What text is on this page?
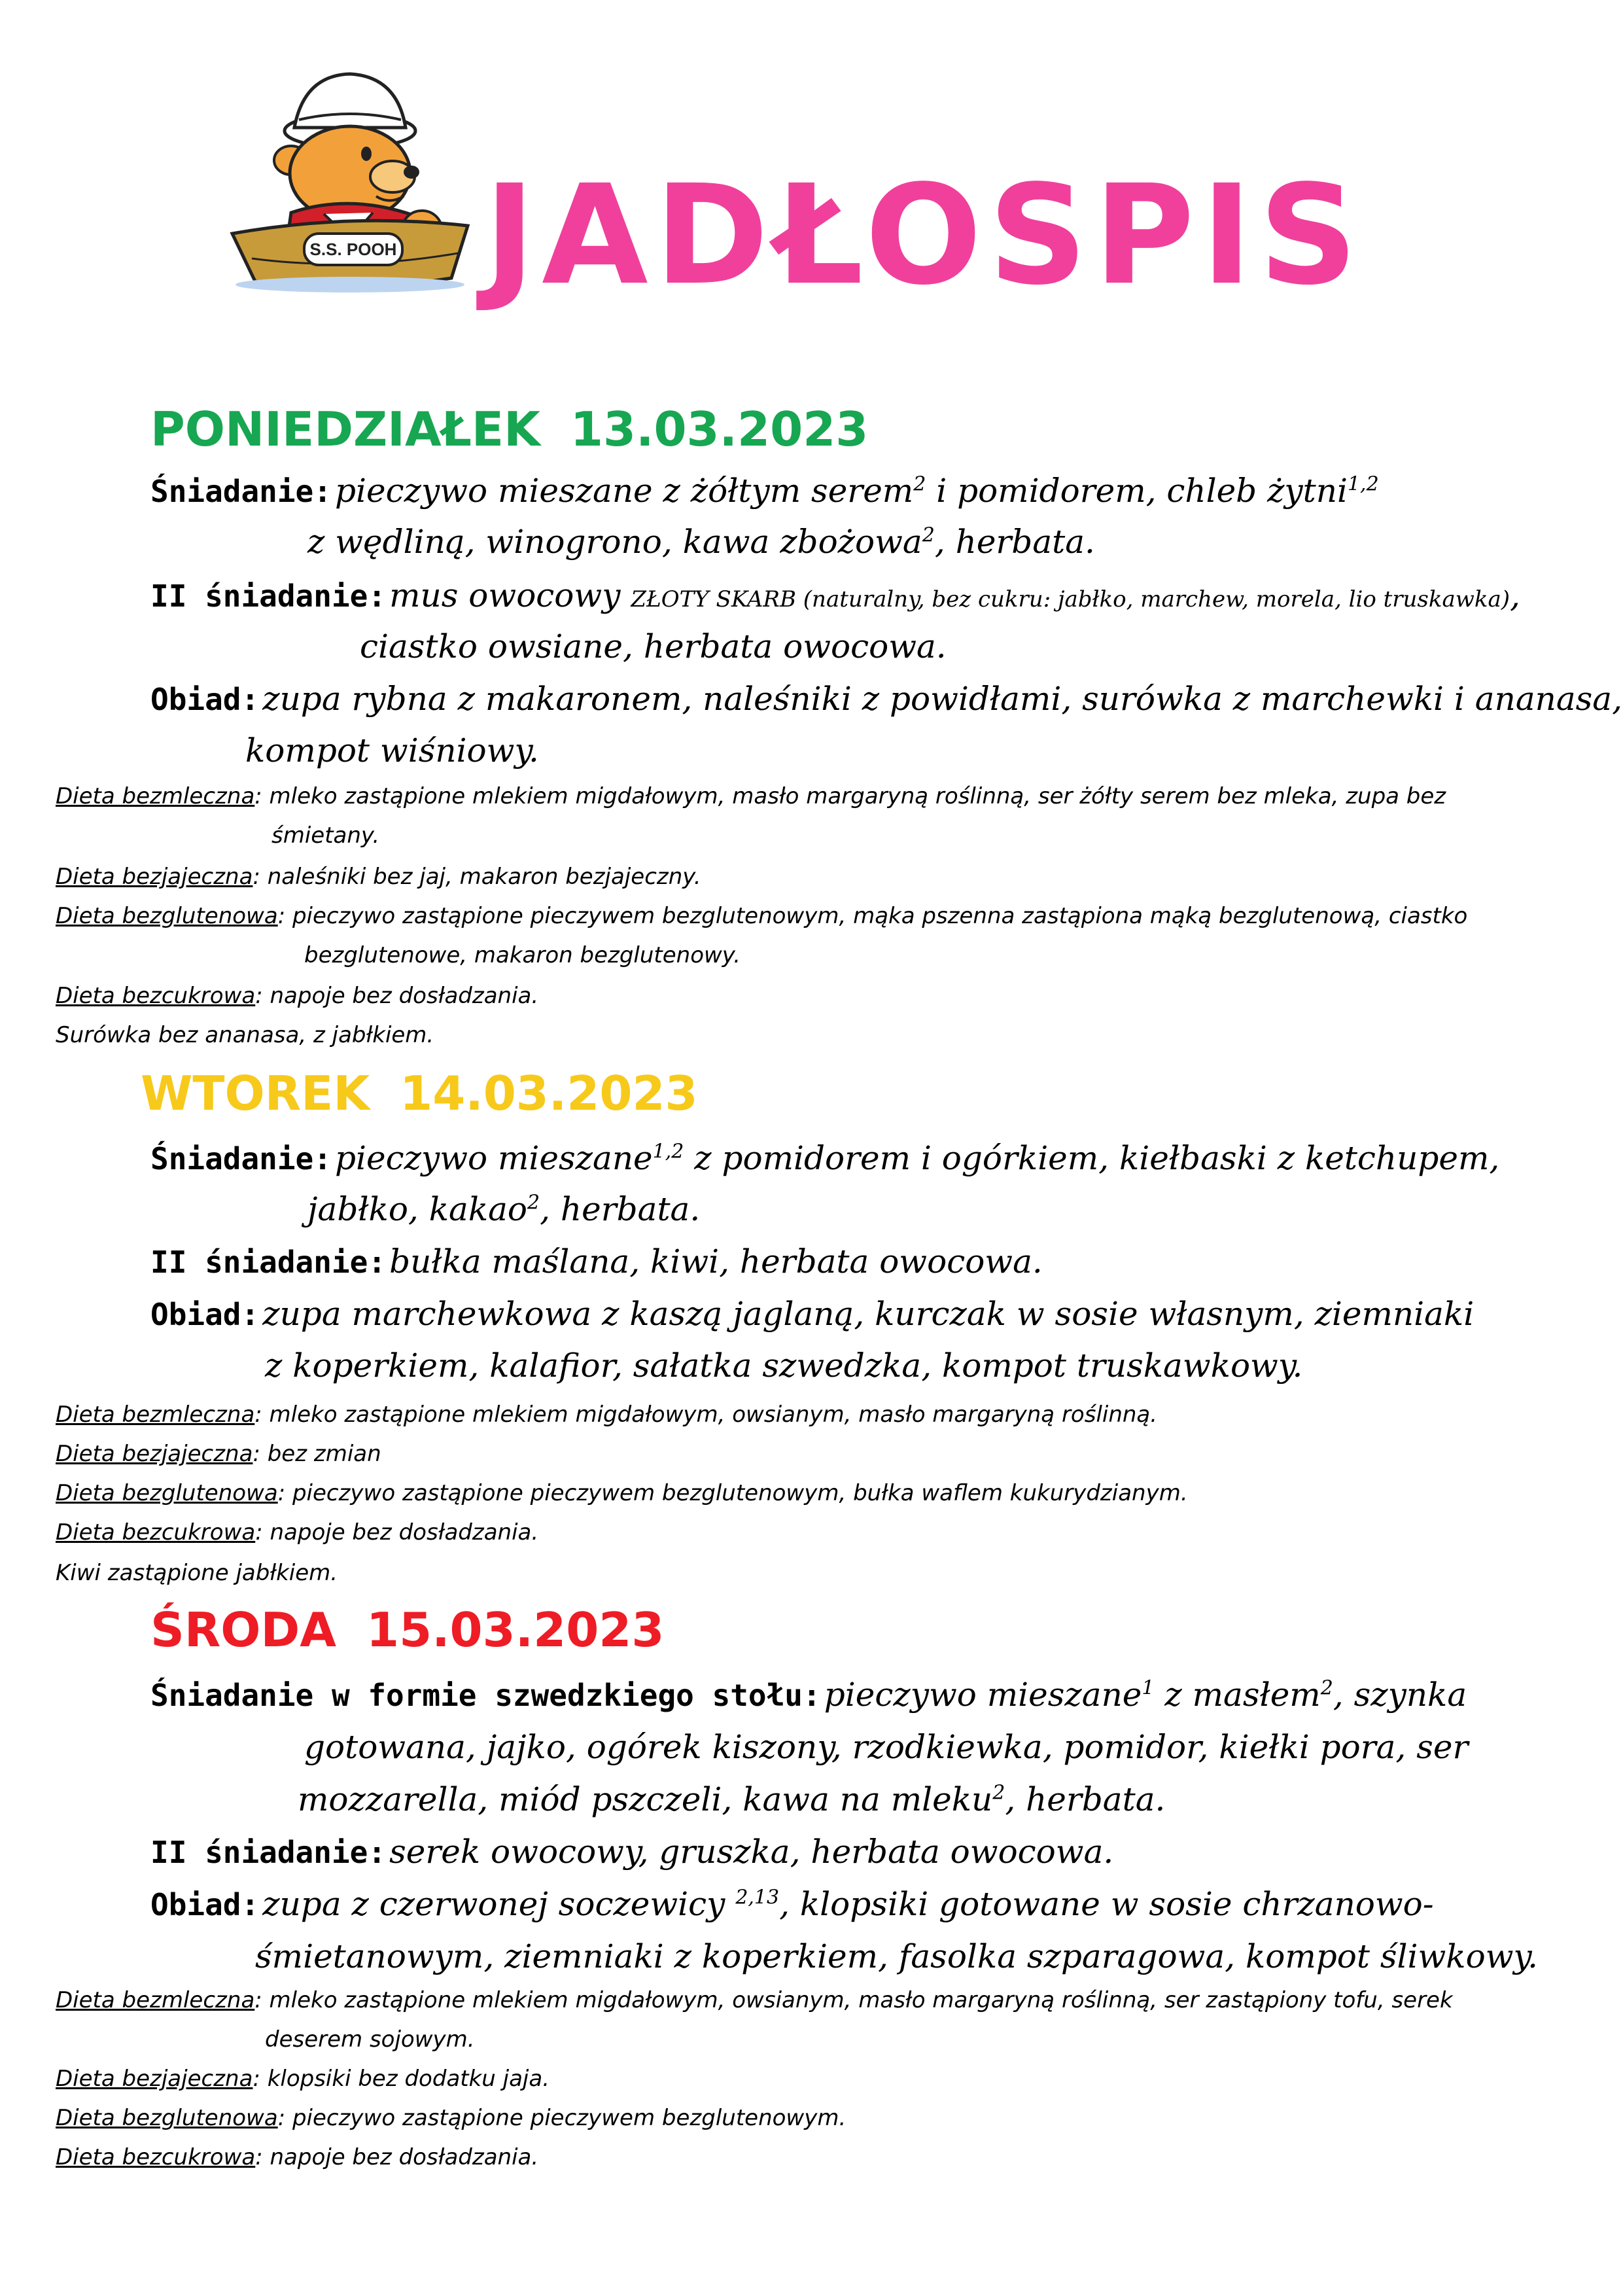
S.S. POOH JADŁOSPIS
PONIEDZIAŁEK 13.03.2023
Śniadanie: pieczywo mieszane z żółtym serem$^2$ i pomidorem, chleb żytni$^{1,2}$
z wędliną, winogrono, kawa zbożowa$^2$, herbata.
II śniadanie: mus owocowy ZŁOTY SKARB (naturalny, bez cukru: jabłko, marchew, morela, lio truskawka),
ciastko owsiane, herbata owocowa.
Obiad: zupa rybna z makaronem, naleśniki z powidłami, surówka z marchewki i ananasa,
kompot wiśniowy.
Dieta bezmleczna: mleko zastąpione mlekiem migdałowym, masło margaryną roślinną, ser żółty serem bez mleka, zupa bez
śmietany.
Dieta bezjajeczna: naleśniki bez jaj, makaron bezjajeczny.
Dieta bezglutenowa: pieczywo zastąpione pieczywem bezglutenowym, mąka pszenna zastąpiona mąką bezglutenową, ciastko
bezglutenowe, makaron bezglutenowy.
Dieta bezcukrowa: napoje bez dosładzania.
Surówka bez ananasa, z jabłkiem.
WTOREK 14.03.2023
Śniadanie: pieczywo mieszane$^{1,2}$ z pomidorem i ogórkiem, kiełbaski z ketchupem,
jabłko, kakao$^2$, herbata.
II śniadanie: bułka maślana, kiwi, herbata owocowa.
Obiad: zupa marchewkowa z kaszą jaglaną, kurczak w sosie własnym, ziemniaki
z koperkiem, kalafior, sałatka szwedzka, kompot truskawkowy.
Dieta bezmleczna: mleko zastąpione mlekiem migdałowym, owsianym, masło margaryną roślinną.
Dieta bezjajeczna: bez zmian
Dieta bezglutenowa: pieczywo zastąpione pieczywem bezglutenowym, bułka waflem kukurydzianym.
Dieta bezcukrowa: napoje bez dosładzania.
Kiwi zastąpione jabłkiem.
ŚRODA 15.03.2023
Śniadanie w formie szwedzkiego stołu: pieczywo mieszane$^1$ z masłem$^2$, szynka
gotowana, jajko, ogórek kiszony, rzodkiewka, pomidor, kiełki pora, ser
mozzarella, miód pszczeli, kawa na mleku$^2$, herbata.
II śniadanie: serek owocowy, gruszka, herbata owocowa.
Obiad: zupa z czerwonej soczewicy $^{2,13}$, klopsiki gotowane w sosie chrzanowo-
śmietanowym, ziemniaki z koperkiem, fasolka szparagowa, kompot śliwkowy.
Dieta bezmleczna: mleko zastąpione mlekiem migdałowym, owsianym, masło margaryną roślinną, ser zastąpiony tofu, serek
deserem sojowym.
Dieta bezjajeczna: klopsiki bez dodatku jaja.
Dieta bezglutenowa: pieczywo zastąpione pieczywem bezglutenowym.
Dieta bezcukrowa: napoje bez dosładzania.
